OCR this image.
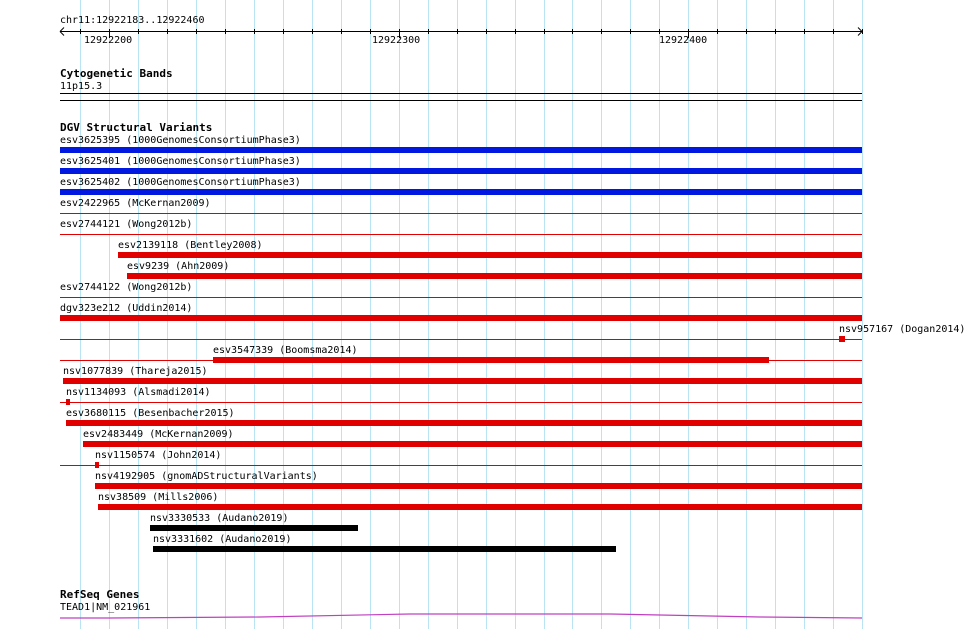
chr11:12922183..12922460
12922200	12922300	12922400
Cytogenetic Bands
11p15.3
DGV Structural Variants
esv3625395 (1000GenomesConsortiumPhase3)
esv3625401 (1000GenomesConsortiumPhase3)
esv3625402 (1000GenomesConsortiumPhase3)
esv2422965 (McKernan2009)
esv2744121 (Wong2012b)
esv2139118 (Bentley2008)
esv9239 (Ahn2009)
esv2744122 (Wong2012b)
dgv323e212 (Uddin2014)
nsv957167 (Dogan2014)
esv3547339 (Boomsma2014)
nsv1077839 (Thareja2015)
nsv1134093 (Alsmadi2014)
esv3680115 (Besenbacher2015)
esv2483449 (McKernan2009)
nsv1150574 (John2014)
nsv4192905 (gnomADStructuralVariants)
nsv38509 (Mills2006)
nsv3330533 (Audano2019)
nsv3331602 (Audano2019)
RefSeq Genes
TEAD1|NM_021961
